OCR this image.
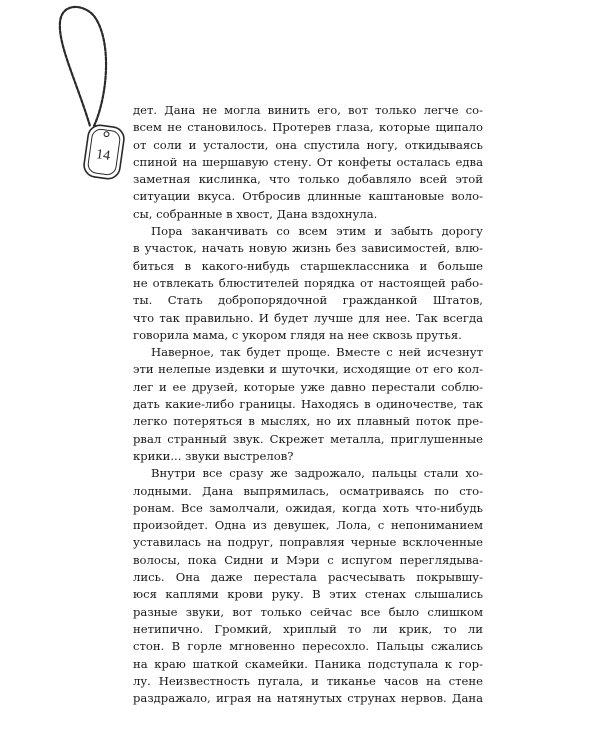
14
дет. Дана не могла винить его, вот только легче со-
всем не становилось. Протерев глаза, которые щипало
от соли и усталости, она спустила ногу, откидываясь
спиной на шершавую стену. От конфеты осталась едва
заметная кислинка, что только добавляло всей этой
ситуации вкуса. Отбросив длинные каштановые воло-
сы, собранные в хвост, Дана вздохнула.
Пора заканчивать со всем этим и забыть дорогу
в участок, начать новую жизнь без зависимостей, влю-
биться в какого-нибудь старшеклассника и больше
не отвлекать блюстителей порядка от настоящей рабо-
ты. Стать добропорядочной гражданкой Штатов,
что так правильно. И будет лучше для нее. Так всегда
говорила мама, с укором глядя на нее сквозь прутья.
Наверное, так будет проще. Вместе с ней исчезнут
эти нелепые издевки и шуточки, исходящие от его кол-
лег и ее друзей, которые уже давно перестали соблю-
дать какие-либо границы. Находясь в одиночестве, так
легко потеряться в мыслях, но их плавный поток пре-
рвал странный звук. Скрежет металла, приглушенные
крики... звуки выстрелов?
Внутри все сразу же задрожало, пальцы стали хо-
лодными. Дана выпрямилась, осматриваясь по сто-
ронам. Все замолчали, ожидая, когда хоть что-нибудь
произойдет. Одна из девушек, Лола, с непониманием
уставилась на подруг, поправляя черные всклоченные
волосы, пока Сидни и Мэри с испугом переглядыва-
лись. Она даже перестала расчесывать покрывшу-
юся каплями крови руку. В этих стенах слышались
разные звуки, вот только сейчас все было слишком
нетипично. Громкий, хриплый то ли крик, то ли
стон. В горле мгновенно пересохло. Пальцы сжались
на краю шаткой скамейки. Паника подступала к гор-
лу. Неизвестность пугала, и тиканье часов на стене
раздражало, играя на натянутых струнах нервов. Дана
